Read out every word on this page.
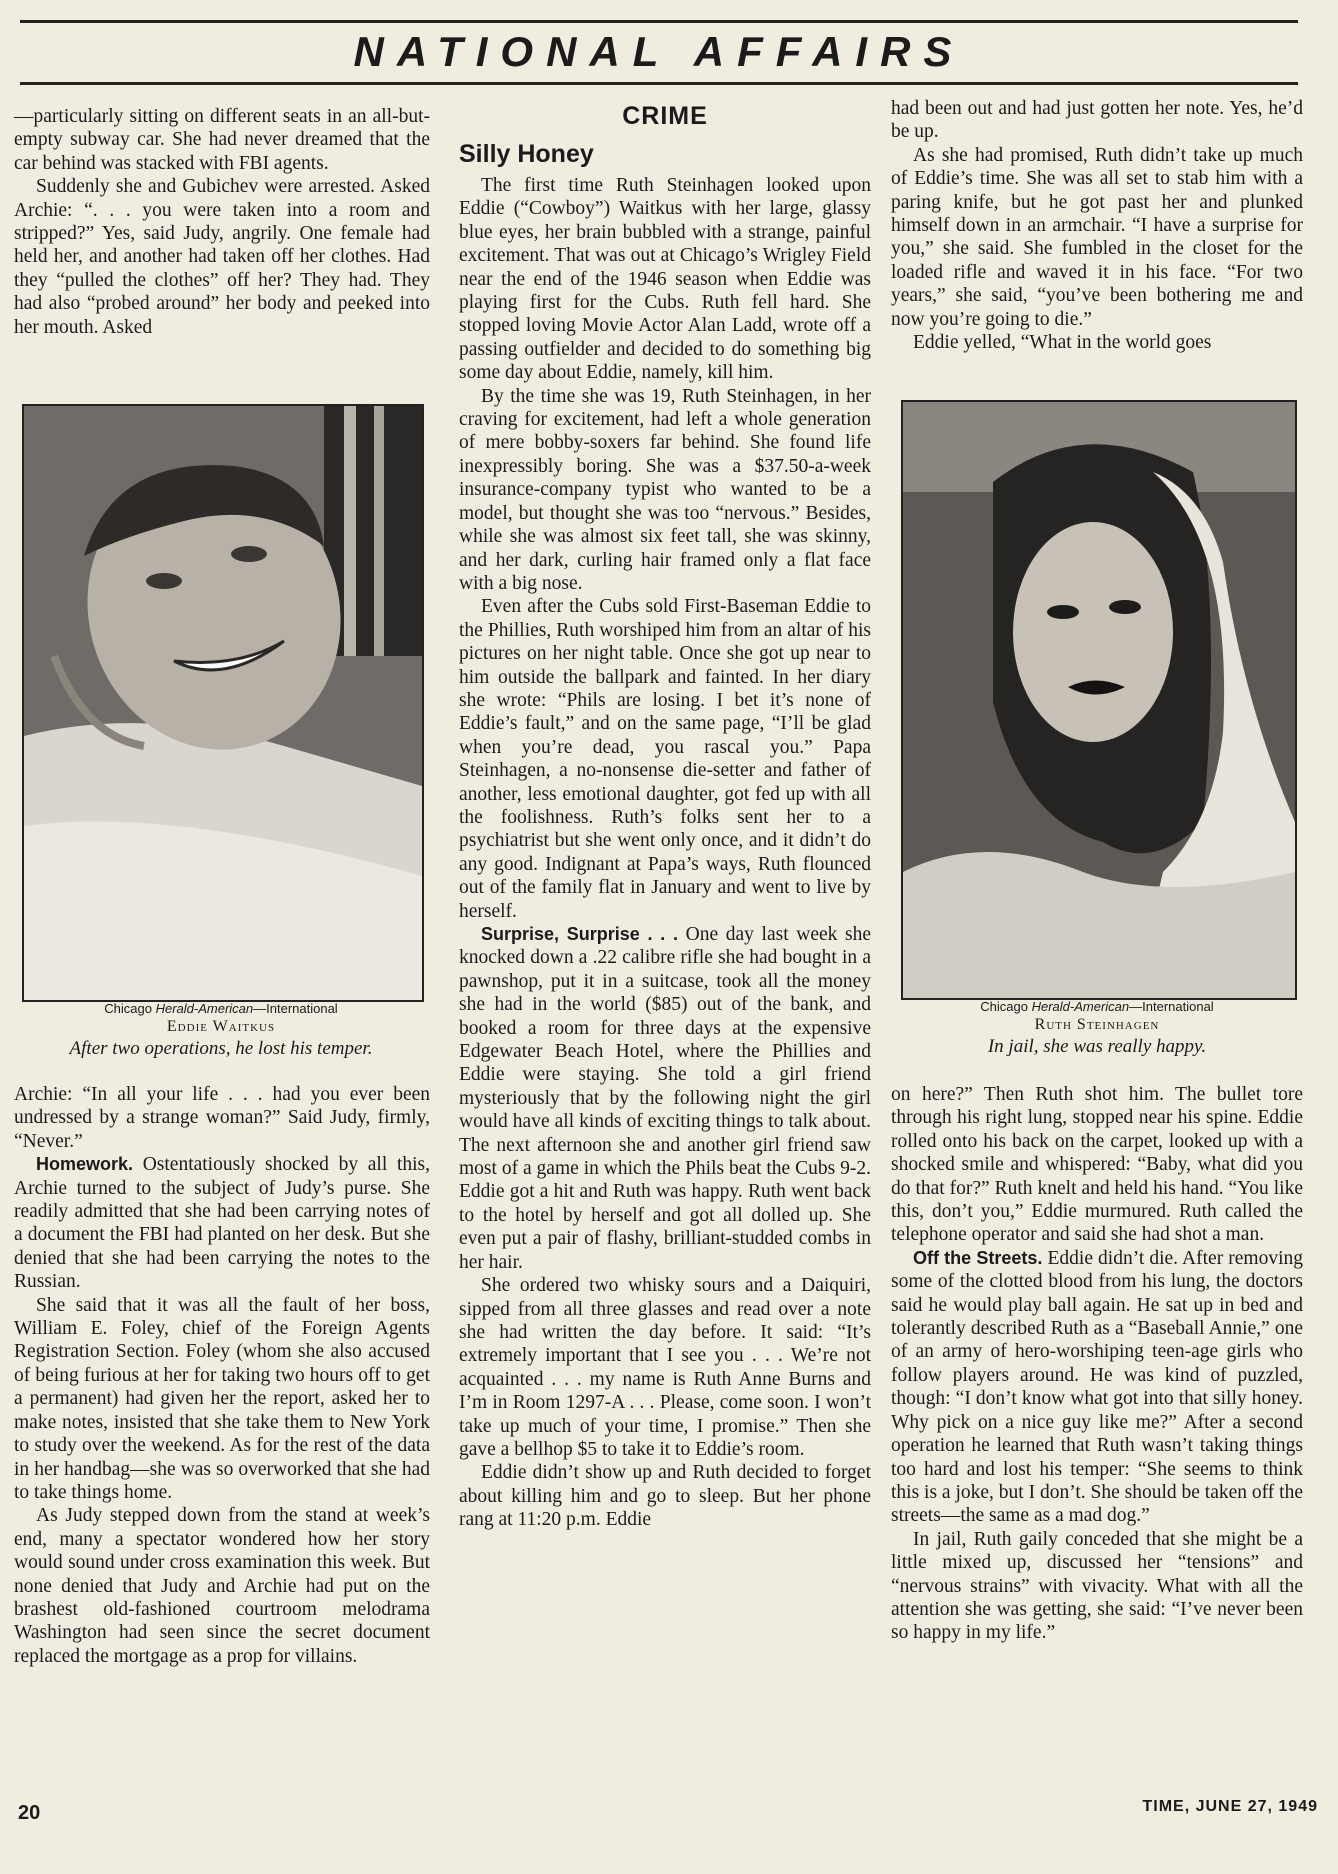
NATIONAL AFFAIRS

—particularly sitting on different seats in an all-but-empty subway car. She had never dreamed that the car behind was stacked with FBI agents.

Suddenly she and Gubichev were arrested. Asked Archie: “. . . you were taken into a room and stripped?” Yes, said Judy, angrily. One female had held her, and another had taken off her clothes. Had they “pulled the clothes” off her? They had. They had also “probed around” her body and peeked into her mouth. Asked

Chicago Herald-American—International
Eddie Waitkus
After two operations, he lost his temper.

Archie: “In all your life . . . had you ever been undressed by a strange woman?” Said Judy, firmly, “Never.”

Homework. Ostentatiously shocked by all this, Archie turned to the subject of Judy’s purse. She readily admitted that she had been carrying notes of a document the FBI had planted on her desk. But she denied that she had been carrying the notes to the Russian.

She said that it was all the fault of her boss, William E. Foley, chief of the Foreign Agents Registration Section. Foley (whom she also accused of being furious at her for taking two hours off to get a permanent) had given her the report, asked her to make notes, insisted that she take them to New York to study over the weekend. As for the rest of the data in her handbag—she was so overworked that she had to take things home.

As Judy stepped down from the stand at week’s end, many a spectator wondered how her story would sound under cross examination this week. But none denied that Judy and Archie had put on the brashest old-fashioned courtroom melodrama Washington had seen since the secret document replaced the mortgage as a prop for villains.

CRIME
Silly Honey

The first time Ruth Steinhagen looked upon Eddie (“Cowboy”) Waitkus with her large, glassy blue eyes, her brain bubbled with a strange, painful excitement. That was out at Chicago’s Wrigley Field near the end of the 1946 season when Eddie was playing first for the Cubs. Ruth fell hard. She stopped loving Movie Actor Alan Ladd, wrote off a passing outfielder and decided to do something big some day about Eddie, namely, kill him.

By the time she was 19, Ruth Steinhagen, in her craving for excitement, had left a whole generation of mere bobby-soxers far behind. She found life inexpressibly boring. She was a $37.50-a-week insurance-company typist who wanted to be a model, but thought she was too “nervous.” Besides, while she was almost six feet tall, she was skinny, and her dark, curling hair framed only a flat face with a big nose.

Even after the Cubs sold First-Baseman Eddie to the Phillies, Ruth worshiped him from an altar of his pictures on her night table. Once she got up near to him outside the ballpark and fainted. In her diary she wrote: “Phils are losing. I bet it’s none of Eddie’s fault,” and on the same page, “I’ll be glad when you’re dead, you rascal you.” Papa Steinhagen, a no-nonsense die-setter and father of another, less emotional daughter, got fed up with all the foolishness. Ruth’s folks sent her to a psychiatrist but she went only once, and it didn’t do any good. Indignant at Papa’s ways, Ruth flounced out of the family flat in January and went to live by herself.

Surprise, Surprise . . . One day last week she knocked down a .22 calibre rifle she had bought in a pawnshop, put it in a suitcase, took all the money she had in the world ($85) out of the bank, and booked a room for three days at the expensive Edgewater Beach Hotel, where the Phillies and Eddie were staying. She told a girl friend mysteriously that by the following night the girl would have all kinds of exciting things to talk about. The next afternoon she and another girl friend saw most of a game in which the Phils beat the Cubs 9-2. Eddie got a hit and Ruth was happy. Ruth went back to the hotel by herself and got all dolled up. She even put a pair of flashy, brilliant-studded combs in her hair.

She ordered two whisky sours and a Daiquiri, sipped from all three glasses and read over a note she had written the day before. It said: “It’s extremely important that I see you . . . We’re not acquainted . . . my name is Ruth Anne Burns and I’m in Room 1297-A . . . Please, come soon. I won’t take up much of your time, I promise.” Then she gave a bellhop $5 to take it to Eddie’s room.

Eddie didn’t show up and Ruth decided to forget about killing him and go to sleep. But her phone rang at 11:20 p.m. Eddie

had been out and had just gotten her note. Yes, he’d be up.

As she had promised, Ruth didn’t take up much of Eddie’s time. She was all set to stab him with a paring knife, but he got past her and plunked himself down in an armchair. “I have a surprise for you,” she said. She fumbled in the closet for the loaded rifle and waved it in his face. “For two years,” she said, “you’ve been bothering me and now you’re going to die.”

Eddie yelled, “What in the world goes

Chicago Herald-American—International
Ruth Steinhagen
In jail, she was really happy.

on here?” Then Ruth shot him. The bullet tore through his right lung, stopped near his spine. Eddie rolled onto his back on the carpet, looked up with a shocked smile and whispered: “Baby, what did you do that for?” Ruth knelt and held his hand. “You like this, don’t you,” Eddie murmured. Ruth called the telephone operator and said she had shot a man.

Off the Streets. Eddie didn’t die. After removing some of the clotted blood from his lung, the doctors said he would play ball again. He sat up in bed and tolerantly described Ruth as a “Baseball Annie,” one of an army of hero-worshiping teen-age girls who follow players around. He was kind of puzzled, though: “I don’t know what got into that silly honey. Why pick on a nice guy like me?” After a second operation he learned that Ruth wasn’t taking things too hard and lost his temper: “She seems to think this is a joke, but I don’t. She should be taken off the streets—the same as a mad dog.”

In jail, Ruth gaily conceded that she might be a little mixed up, discussed her “tensions” and “nervous strains” with vivacity. What with all the attention she was getting, she said: “I’ve never been so happy in my life.”

20	TIME, JUNE 27, 1949
